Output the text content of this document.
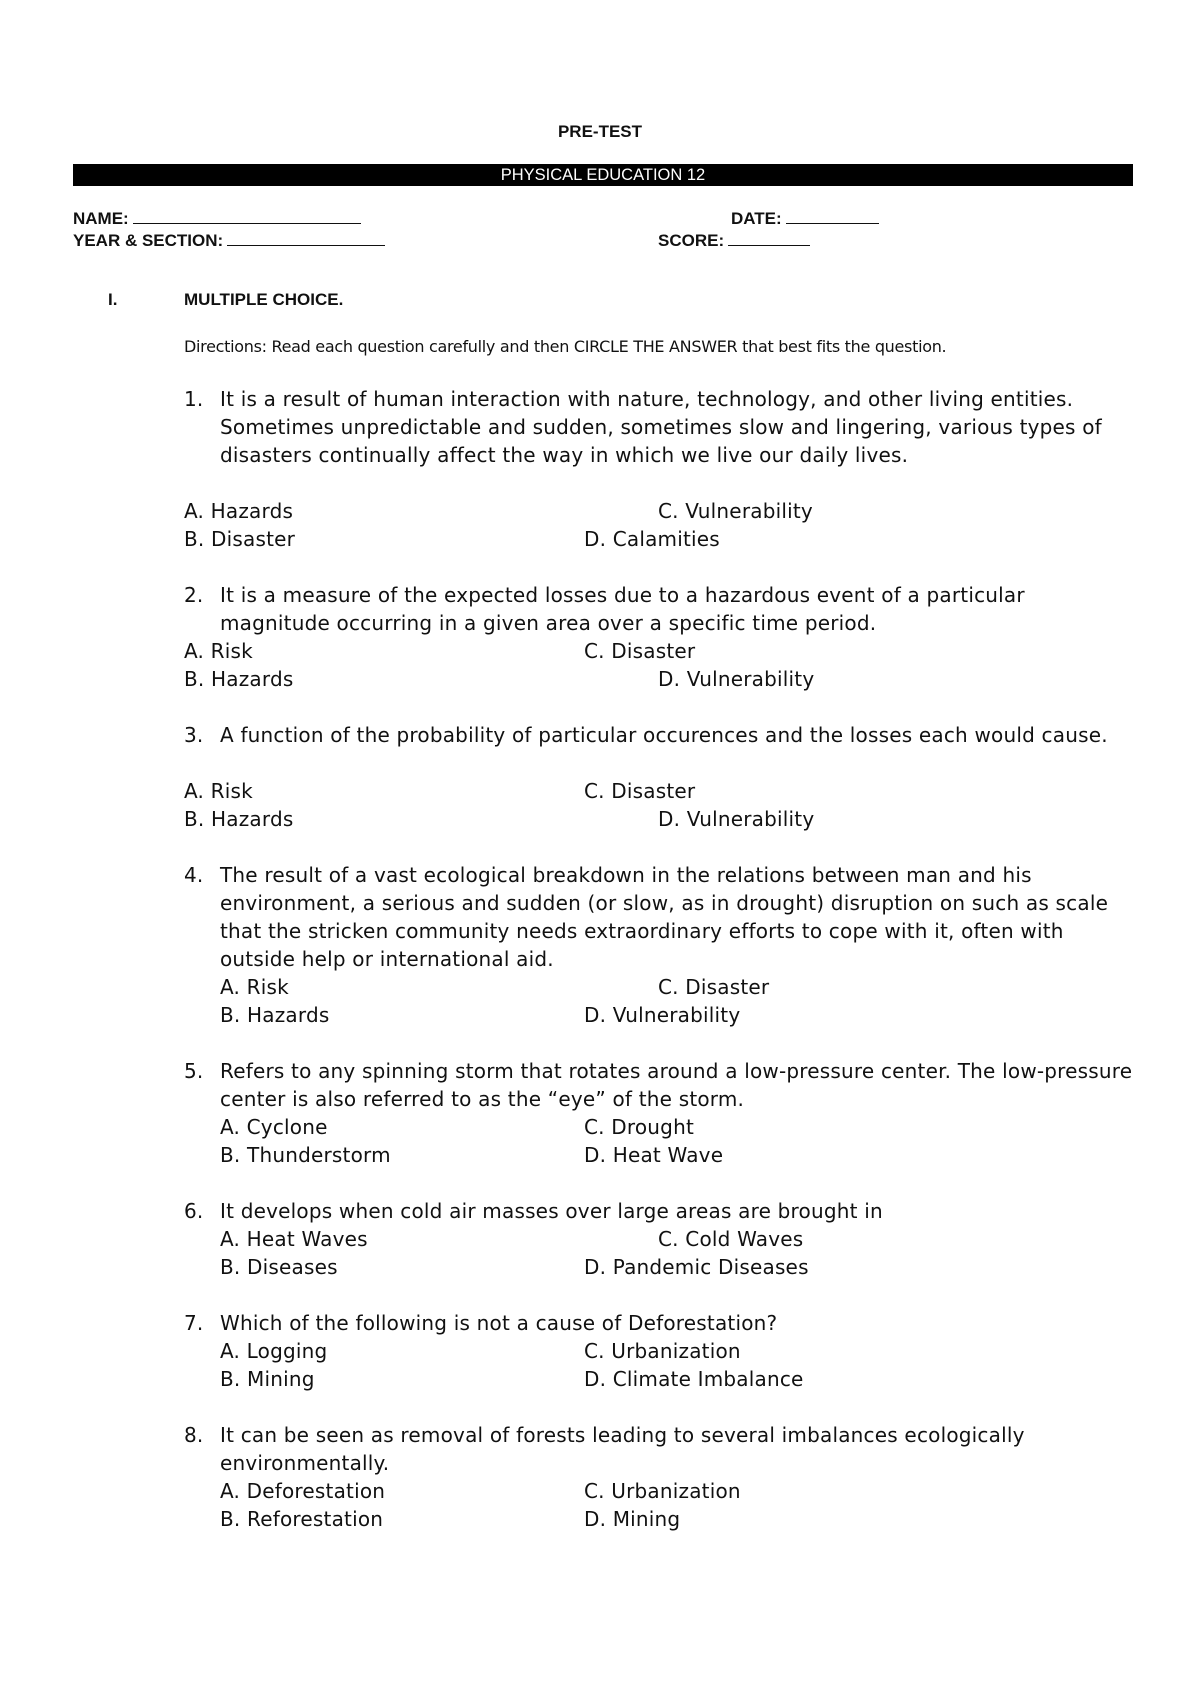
PRE-TEST
PHYSICAL EDUCATION 12
NAME:	DATE:
YEAR & SECTION:	SCORE:
I.	MULTIPLE CHOICE.
Directions: Read each question carefully and then CIRCLE THE ANSWER that best fits the question.
1. It is a result of human interaction with nature, technology, and other living entities. Sometimes unpredictable and sudden, sometimes slow and lingering, various types of disasters continually affect the way in which we live our daily lives.
A. Hazards	C. Vulnerability
B. Disaster	D. Calamities
2. It is a measure of the expected losses due to a hazardous event of a particular magnitude occurring in a given area over a specific time period.
A. Risk	C. Disaster
B. Hazards	D. Vulnerability
3. A function of the probability of particular occurences and the losses each would cause.
A. Risk	C. Disaster
B. Hazards	D. Vulnerability
4. The result of a vast ecological breakdown in the relations between man and his environment, a serious and sudden (or slow, as in drought) disruption on such as scale that the stricken community needs extraordinary efforts to cope with it, often with outside help or international aid.
A. Risk	C. Disaster
B. Hazards	D. Vulnerability
5. Refers to any spinning storm that rotates around a low-pressure center. The low-pressure center is also referred to as the “eye” of the storm.
A. Cyclone	C. Drought
B. Thunderstorm	D. Heat Wave
6. It develops when cold air masses over large areas are brought in
A. Heat Waves	C. Cold Waves
B. Diseases	D. Pandemic Diseases
7. Which of the following is not a cause of Deforestation?
A. Logging	C. Urbanization
B. Mining	D. Climate Imbalance
8. It can be seen as removal of forests leading to several imbalances ecologically environmentally.
A. Deforestation	C. Urbanization
B. Reforestation	D. Mining
